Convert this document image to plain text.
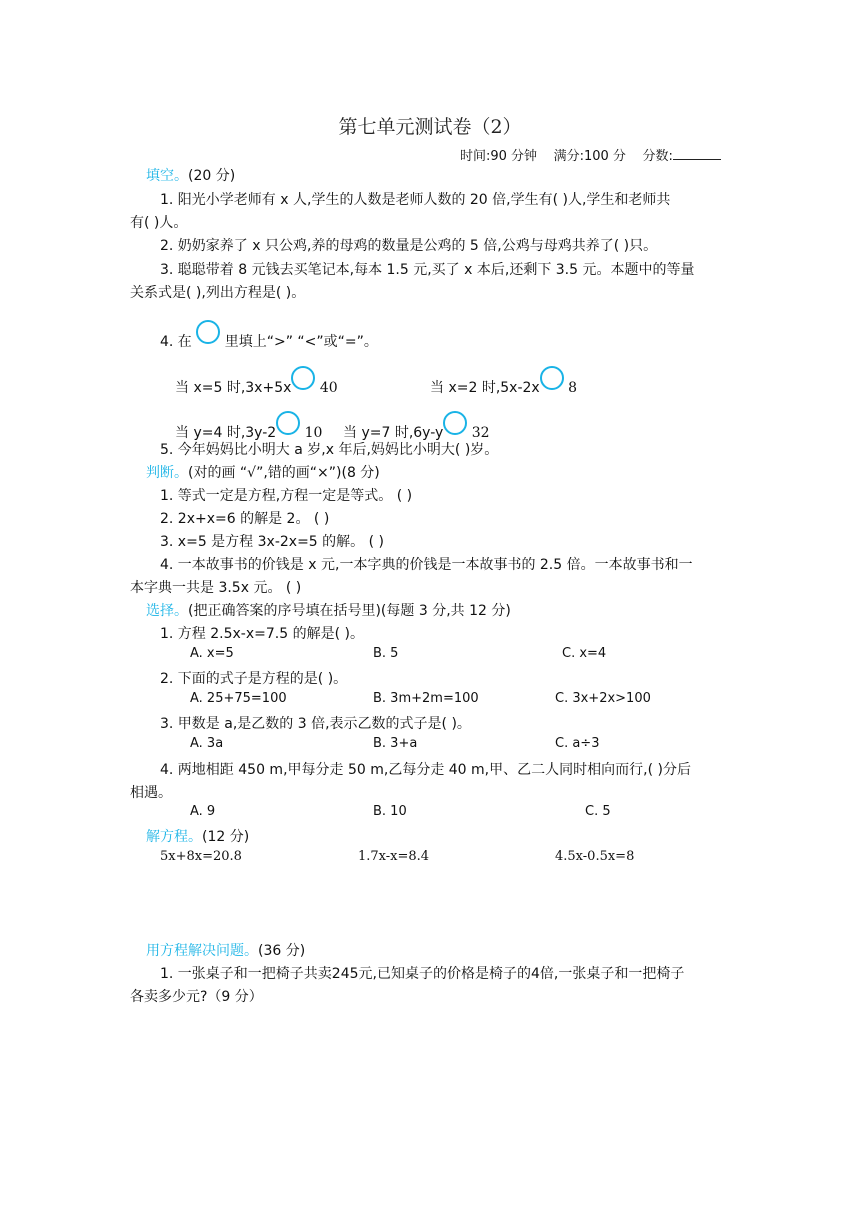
第七单元测试卷（2）
时间:90 分钟 满分:100 分 分数:
填空。(20 分)
1. 阳光小学老师有 x 人,学生的人数是老师人数的 20 倍,学生有( )人,学生和老师共
有( )人。
2. 奶奶家养了 x 只公鸡,养的母鸡的数量是公鸡的 5 倍,公鸡与母鸡共养了( )只。
3. 聪聪带着 8 元钱去买笔记本,每本 1.5 元,买了 x 本后,还剩下 3.5 元。本题中的等量
关系式是( ),列出方程是( )。
4. 在 里填上“>” “<”或“=”。
当 x=5 时,3x+5x 40	当 x=2 时,5x-2x 8
当 y=4 时,3y-2 10 当 y=7 时,6y-y 32
5. 今年妈妈比小明大 a 岁,x 年后,妈妈比小明大( )岁。
判断。(对的画 “√”,错的画“×”)(8 分)
1. 等式一定是方程,方程一定是等式。 ( )
2. 2x+x=6 的解是 2。 ( )
3. x=5 是方程 3x-2x=5 的解。 ( )
4. 一本故事书的价钱是 x 元,一本字典的价钱是一本故事书的 2.5 倍。一本故事书和一
本字典一共是 3.5x 元。 ( )
选择。(把正确答案的序号填在括号里)(每题 3 分,共 12 分)
1. 方程 2.5x-x=7.5 的解是( )。
A. x=5	B. 5	C. x=4
2. 下面的式子是方程的是( )。
A. 25+75=100	B. 3m+2m=100	C. 3x+2x>100
3. 甲数是 a,是乙数的 3 倍,表示乙数的式子是( )。
A. 3a	B. 3+a	C. a÷3
4. 两地相距 450 m,甲每分走 50 m,乙每分走 40 m,甲、乙二人同时相向而行,( )分后
相遇。
A. 9	B. 10	C. 5
解方程。(12 分)
5x+8x=20.8	1.7x-x=8.4	4.5x-0.5x=8
用方程解决问题。(36 分)
1. 一张桌子和一把椅子共卖245元,已知桌子的价格是椅子的4倍,一张桌子和一把椅子
各卖多少元?（9 分）
